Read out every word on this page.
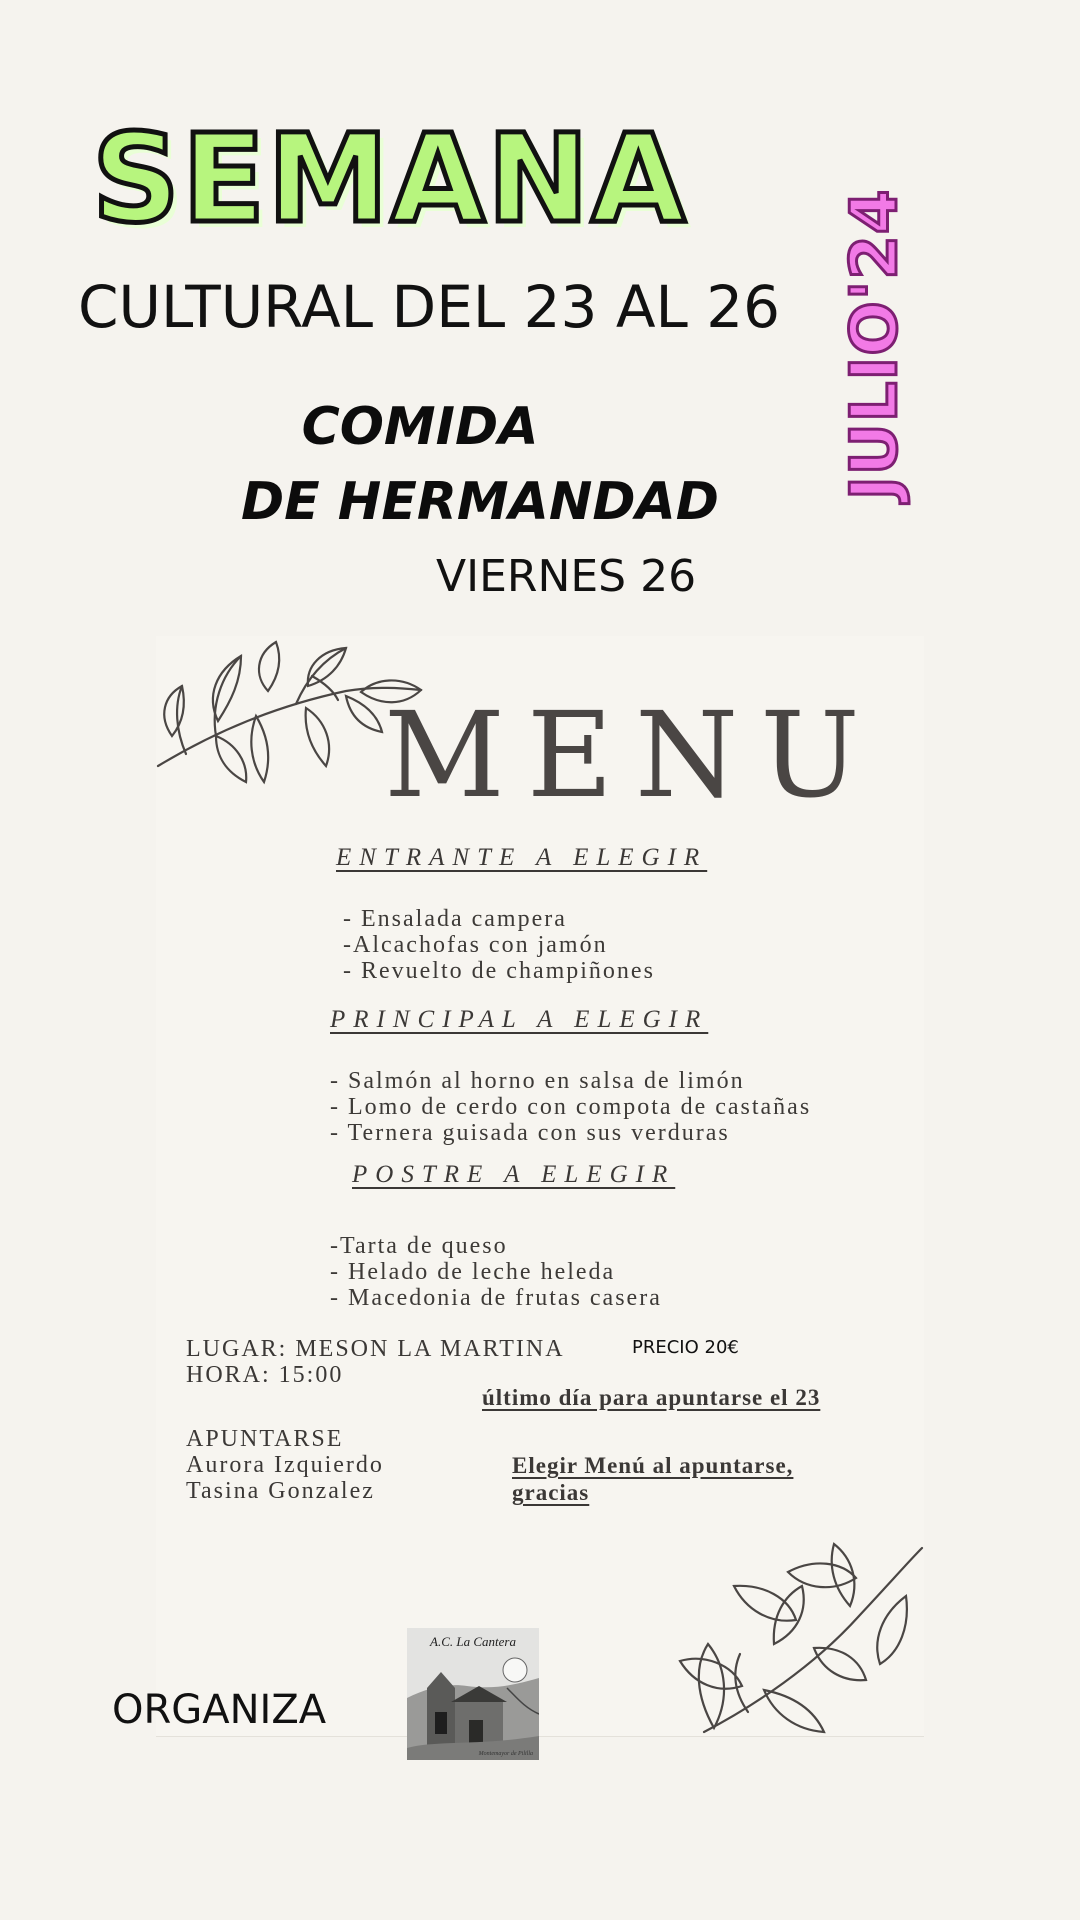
SEMANA
CULTURAL DEL 23 AL 26 JULIO'24
COMIDA
DE HERMANDAD
VIERNES 26
MENU
ENTRANTE A ELEGIR
- Ensalada campera
-Alcachofas con jamón
- Revuelto de champiñones
PRINCIPAL A ELEGIR
- Salmón al horno en salsa de limón
- Lomo de cerdo con compota de castañas
- Ternera guisada con sus verduras
POSTRE A ELEGIR
-Tarta de queso
- Helado de leche heleda
- Macedonia de frutas casera
LUGAR: MESON LA MARTINA
HORA: 15:00
PRECIO 20€
último día para apuntarse el 23
APUNTARSE
Aurora Izquierdo
Tasina Gonzalez
Elegir Menú al apuntarse,
gracias
ORGANIZA
A.C. La Cantera
Montemayor de Pililla
